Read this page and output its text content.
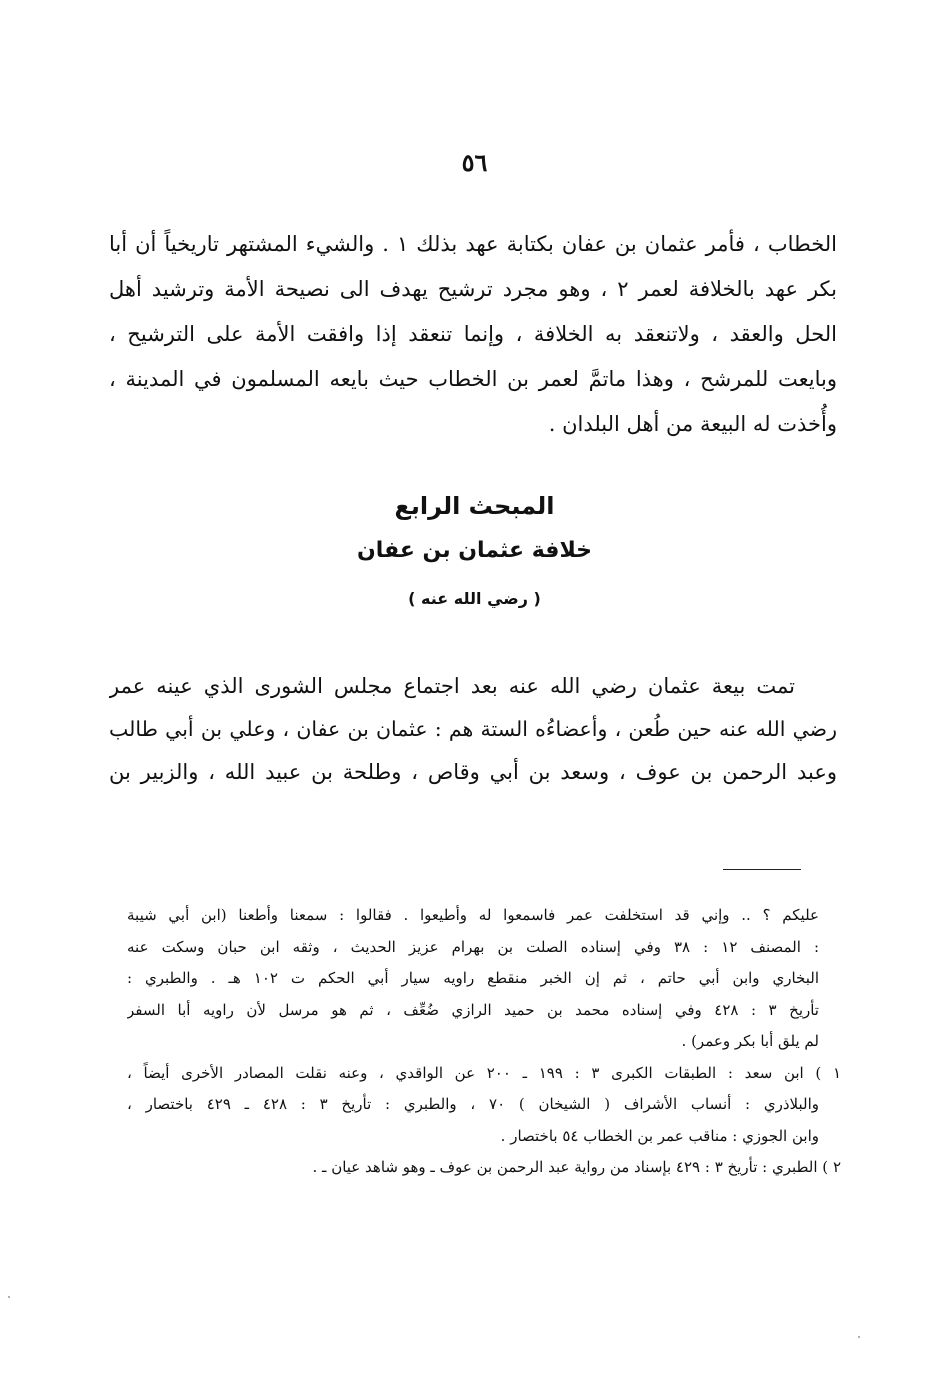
٥٦
الخطاب ، فأمر عثمان بن عفان بكتابة عهد بذلك ١ . والشيء المشتهر تاريخياً أن أبا
بكر عهد بالخلافة لعمر ٢ ، وهو مجرد ترشيح يهدف الى نصيحة الأمة وترشيد أهل
الحل والعقد ، ولاتنعقد به الخلافة ، وإنما تنعقد إذا وافقت الأمة على الترشيح ،
وبايعت للمرشح ، وهذا ماتمَّ لعمر بن الخطاب حيث بايعه المسلمون في المدينة ،
وأُخذت له البيعة من أهل البلدان .
المبحث الرابع
خلافة عثمان بن عفان
( رضي الله عنه )
تمت بيعة عثمان رضي الله عنه بعد اجتماع مجلس الشورى الذي عينه عمر
رضي الله عنه حين طُعن ، وأعضاءُه الستة هم : عثمان بن عفان ، وعلي بن أبي طالب
وعبد الرحمن بن عوف ، وسعد بن أبي وقاص ، وطلحة بن عبيد الله ، والزبير بن
عليكم ؟ .. وإني قد استخلفت عمر فاسمعوا له وأطيعوا . فقالوا : سمعنا وأطعنا (ابن أبي شيبة
: المصنف ١٢ : ٣٨ وفي إسناده الصلت بن بهرام عزيز الحديث ، وثقه ابن حبان وسكت عنه
البخاري وابن أبي حاتم ، ثم إن الخبر منقطع راويه سيار أبي الحكم ت ١٠٢ هـ . والطبري :
تأريخ ٣ : ٤٢٨ وفي إسناده محمد بن حميد الرازي ضُعِّف ، ثم هو مرسل لأن راويه أبا السفر
لم يلق أبا بكر وعمر) .
١ ) ابن سعد : الطبقات الكبرى ٣ : ١٩٩ ـ ٢٠٠ عن الواقدي ، وعنه نقلت المصادر الأخرى أيضاً ،
والبلاذري : أنساب الأشراف ( الشيخان ) ٧٠ ، والطبري : تأريخ ٣ : ٤٢٨ ـ ٤٢٩ باختصار ،
وابن الجوزي : مناقب عمر بن الخطاب ٥٤ باختصار .
٢ ) الطبري : تأريخ ٣ : ٤٢٩ بإسناد من رواية عبد الرحمن بن عوف ـ وهو شاهد عيان ـ .
